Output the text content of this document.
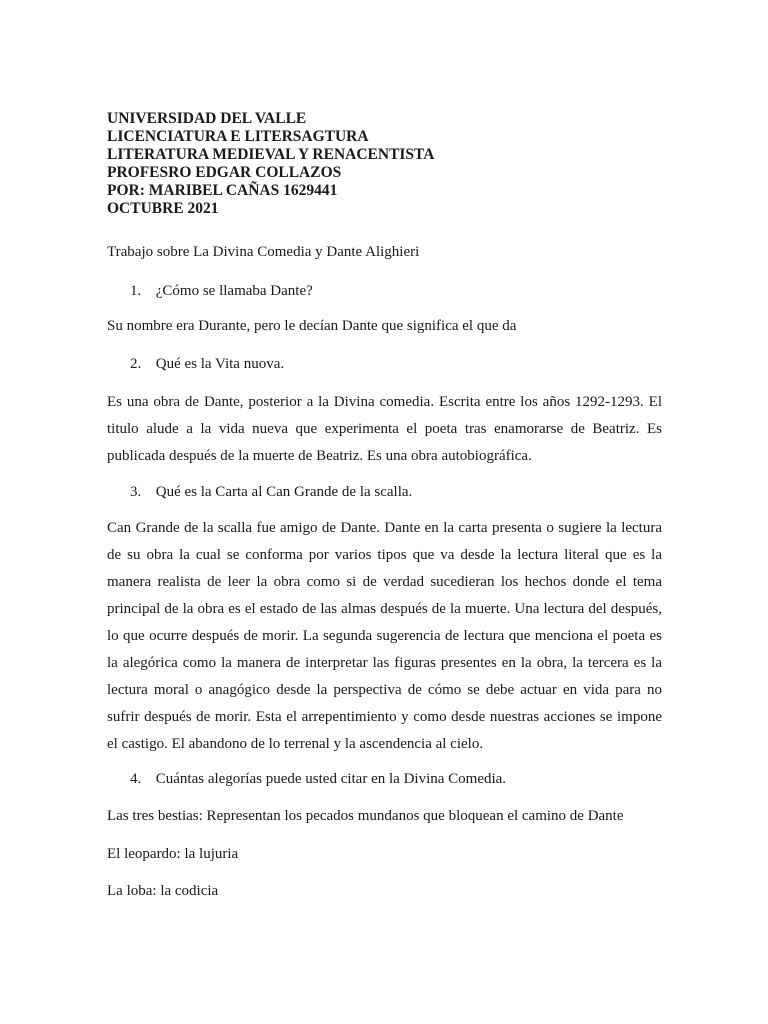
UNIVERSIDAD DEL VALLE
LICENCIATURA E LITERSAGTURA
LITERATURA MEDIEVAL Y RENACENTISTA
PROFESRO EDGAR COLLAZOS
POR: MARIBEL CAÑAS 1629441
OCTUBRE 2021
Trabajo sobre La Divina Comedia y Dante Alighieri
1. ¿Cómo se llamaba Dante?
Su nombre era Durante, pero le decían Dante que significa el que da
2. Qué es la Vita nuova.
Es una obra de Dante, posterior a la Divina comedia. Escrita entre los años 1292-1293. El
titulo alude a la vida nueva que experimenta el poeta tras enamorarse de Beatriz. Es
publicada después de la muerte de Beatriz. Es una obra autobiográfica.
3. Qué es la Carta al Can Grande de la scalla.
Can Grande de la scalla fue amigo de Dante. Dante en la carta presenta o sugiere la lectura
de su obra la cual se conforma por varios tipos que va desde la lectura literal que es la
manera realista de leer la obra como si de verdad sucedieran los hechos donde el tema
principal de la obra es el estado de las almas después de la muerte. Una lectura del después,
lo que ocurre después de morir. La segunda sugerencia de lectura que menciona el poeta es
la alegórica como la manera de interpretar las figuras presentes en la obra, la tercera es la
lectura moral o anagógico desde la perspectiva de cómo se debe actuar en vida para no
sufrir después de morir. Esta el arrepentimiento y como desde nuestras acciones se impone
el castigo. El abandono de lo terrenal y la ascendencia al cielo.
4. Cuántas alegorías puede usted citar en la Divina Comedia.
Las tres bestias: Representan los pecados mundanos que bloquean el camino de Dante
El leopardo: la lujuria
La loba: la codicia
